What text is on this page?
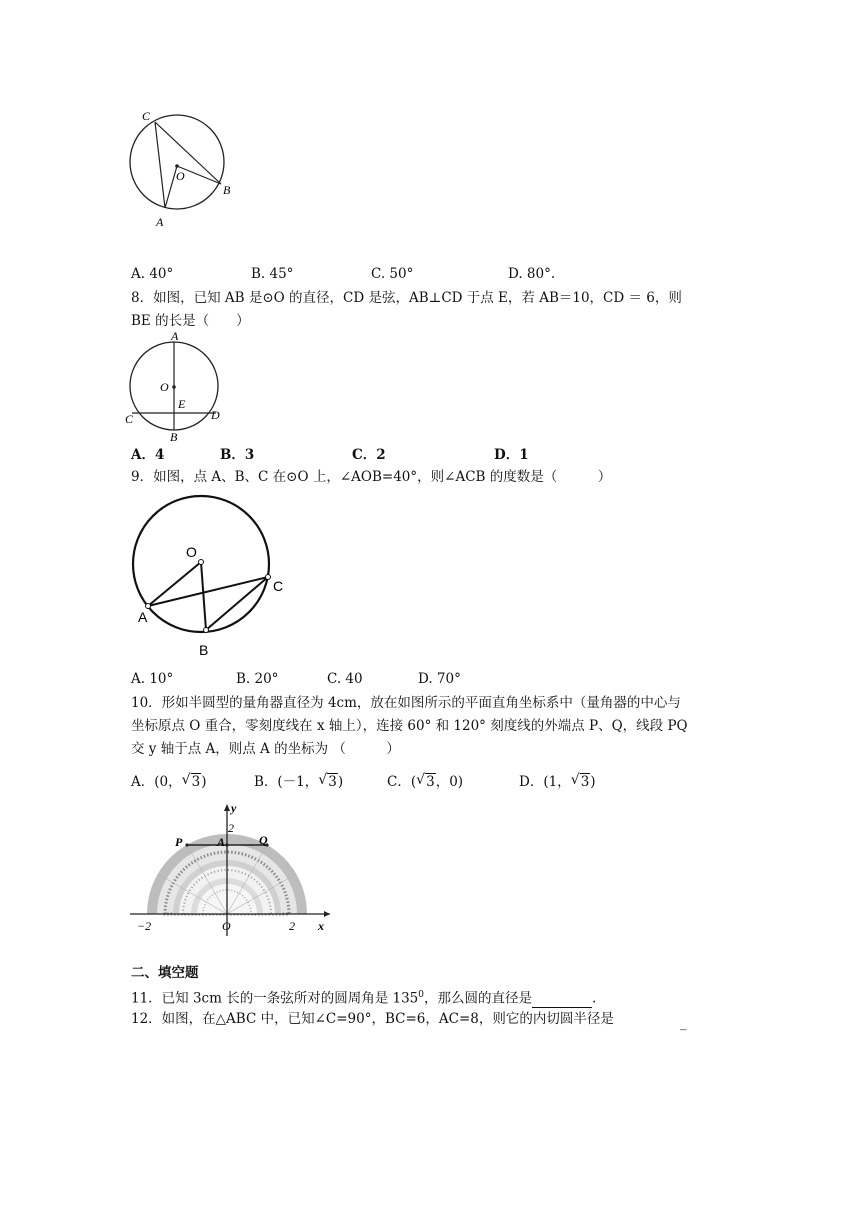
C
O
B
A
A. 40°	B. 45°	C. 50°	D. 80°.
8．如图，已知 AB 是⊙O 的直径，CD 是弦，AB⊥CD 于点 E，若 AB＝10，CD ＝ 6，则
BE 的长是（　　）
A
O
E
C	D
B
A．4	B．3	C．2	D．1
9．如图，点 A、B、C 在⊙O 上，∠AOB=40°，则∠ACB 的度数是（　　　）
O
C
A
B
A. 10°	B. 20°	C. 40	D. 70°
10．形如半圆型的量角器直径为 4cm，放在如图所示的平面直角坐标系中（量角器的中心与
坐标原点 O 重合，零刻度线在 x 轴上），连接 60° 和 120° 刻度线的外端点 P、Q，线段 PQ
交 y 轴于点 A，则点 A 的坐标为 （　　　）
A．(0， √ 3)	B．(－1， √ 3)	C．( √ 3，0)	D．(1， √ 3)
y
2
P	A	Q
−2	O	2 x
二、填空题
11．已知 3cm 长的一条弦所对的圆周角是 $135^0$，那么圆的直径是	.
12．如图，在△ABC 中，已知∠C=90°，BC=6，AC=8，则它的内切圆半径是	_
